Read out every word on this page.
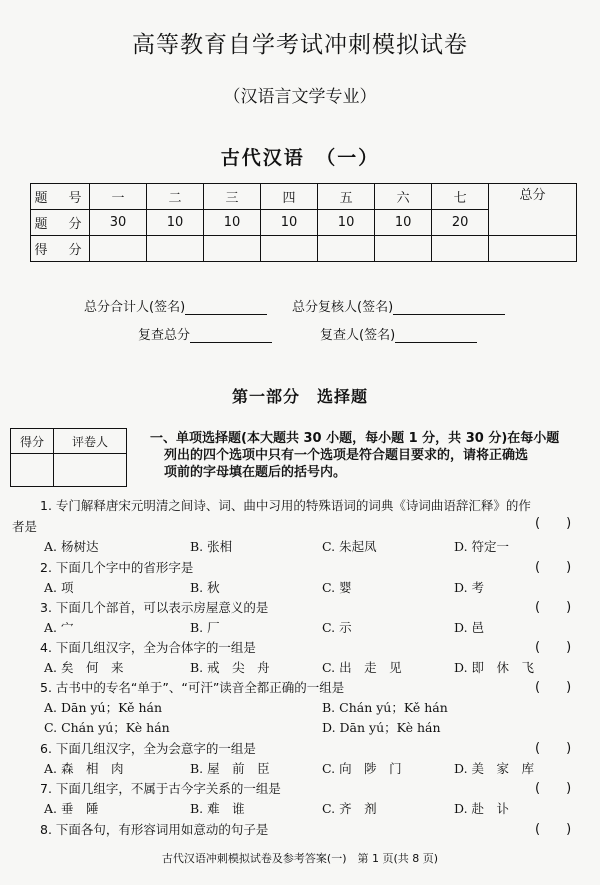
高等教育自学考试冲刺模拟试卷
（汉语言文学专业）
古代汉语　（一）
题　号	一	二	三	四	五	六	七	总分
题　分	30	10	10	10	10	10	20	
得　分								
总分合计人(签名)	总分复核人(签名)
复查总分	复查人(签名)
第一部分　选择题
得分	评卷人
		一、单项选择题(本大题共 30 小题，每小题 1 分，共 30 分)在每小题
列出的四个选项中只有一个选项是符合题目要求的，请将正确选
项前的字母填在题后的括号内。
1. 专门解释唐宋元明清之间诗、词、曲中习用的特殊语词的词典《诗词曲语辞汇释》的作
者是	(　　)
A. 杨树达	B. 张相	C. 朱起凤	D. 符定一
2. 下面几个字中的省形字是	(　　)
A. 项	B. 秋	C. 婴	D. 考
3. 下面几个部首，可以表示房屋意义的是	(　　)
A. 宀	B. 厂	C. 示	D. 邑
4. 下面几组汉字，全为合体字的一组是	(　　)
A. 矣　何　来	B. 戒　尖　舟	C. 出　走　见	D. 即　休　飞
5. 古书中的专名“单于”、“可汗”读音全都正确的一组是	(　　)
A. Dān yú；Kě hán	B. Chán yú；Kě hán
C. Chán yú；Kè hán	D. Dān yú；Kè hán
6. 下面几组汉字，全为会意字的一组是	(　　)
A. 森　相　肉	B. 屋　前　臣	C. 向　陟　门	D. 美　家　库
7. 下面几组字，不属于古今字关系的一组是	(　　)
A. 垂　陲	B. 难　谁	C. 齐　剂	D. 赴　讣
8. 下面各句，有形容词用如意动的句子是	(　　)
古代汉语冲刺模拟试卷及参考答案(一)　第 1 页(共 8 页)
